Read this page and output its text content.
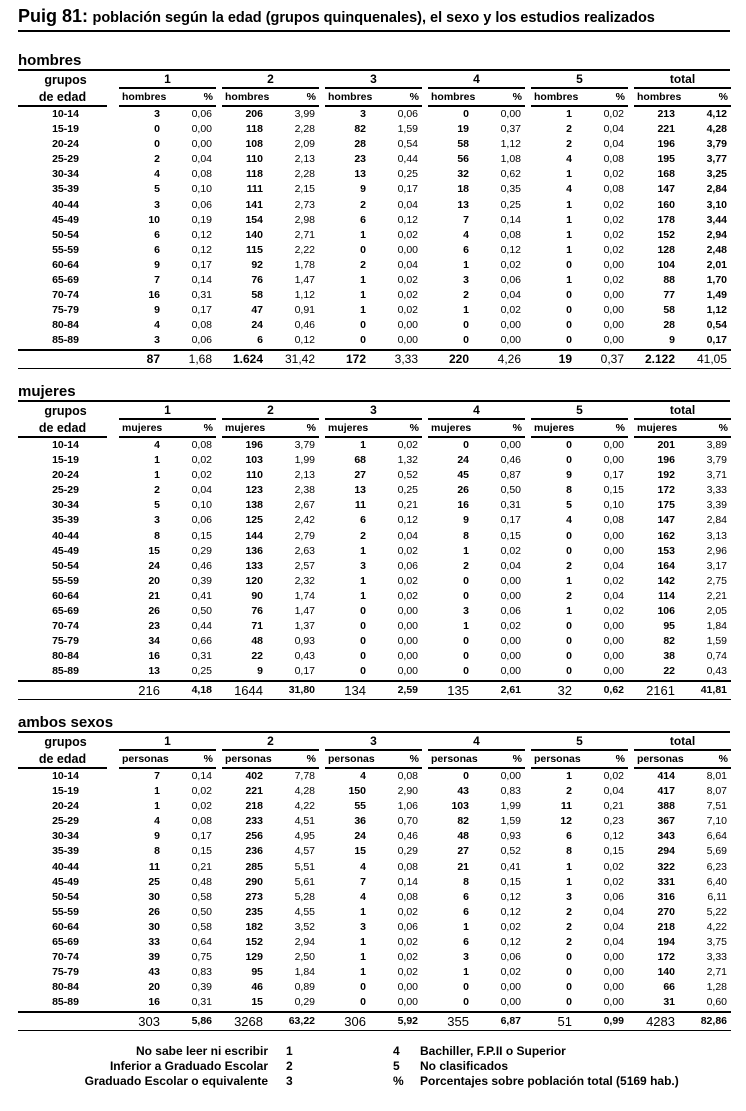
Puig 81: población según la edad (grupos quinquenales), el sexo y los estudios realizados
hombres
grupos	1		2		3		4		5		total	

de edad	hombres %		hombres %		hombres %		hombres %		hombres %		hombres %	

10-14	3	0,06	206	3,99	3	0,06	0	0,00	1	0,02	213	4,12
15-19	0	0,00	118	2,28	82	1,59	19	0,37	2	0,04	221	4,28
20-24	0	0,00	108	2,09	28	0,54	58	1,12	2	0,04	196	3,79
25-29	2	0,04	110	2,13	23	0,44	56	1,08	4	0,08	195	3,77
30-34	4	0,08	118	2,28	13	0,25	32	0,62	1	0,02	168	3,25
35-39	5	0,10	111	2,15	9	0,17	18	0,35	4	0,08	147	2,84
40-44	3	0,06	141	2,73	2	0,04	13	0,25	1	0,02	160	3,10
45-49	10	0,19	154	2,98	6	0,12	7	0,14	1	0,02	178	3,44
50-54	6	0,12	140	2,71	1	0,02	4	0,08	1	0,02	152	2,94
55-59	6	0,12	115	2,22	0	0,00	6	0,12	1	0,02	128	2,48
60-64	9	0,17	92	1,78	2	0,04	1	0,02	0	0,00	104	2,01
65-69	7	0,14	76	1,47	1	0,02	3	0,06	1	0,02	88	1,70
70-74	16	0,31	58	1,12	1	0,02	2	0,04	0	0,00	77	1,49
75-79	9	0,17	47	0,91	1	0,02	1	0,02	0	0,00	58	1,12
80-84	4	0,08	24	0,46	0	0,00	0	0,00	0	0,00	28	0,54
85-89	3	0,06	6	0,12	0	0,00	0	0,00	0	0,00	9	0,17
	87	1,68	1.624	31,42	172	3,33	220	4,26	19	0,37	2.122	41,05
mujeres
grupos	1		2		3		4		5		total	

de edad	mujeres %		mujeres %		mujeres %		mujeres %		mujeres %		mujeres %	

10-14	4	0,08	196	3,79	1	0,02	0	0,00	0	0,00	201	3,89
15-19	1	0,02	103	1,99	68	1,32	24	0,46	0	0,00	196	3,79
20-24	1	0,02	110	2,13	27	0,52	45	0,87	9	0,17	192	3,71
25-29	2	0,04	123	2,38	13	0,25	26	0,50	8	0,15	172	3,33
30-34	5	0,10	138	2,67	11	0,21	16	0,31	5	0,10	175	3,39
35-39	3	0,06	125	2,42	6	0,12	9	0,17	4	0,08	147	2,84
40-44	8	0,15	144	2,79	2	0,04	8	0,15	0	0,00	162	3,13
45-49	15	0,29	136	2,63	1	0,02	1	0,02	0	0,00	153	2,96
50-54	24	0,46	133	2,57	3	0,06	2	0,04	2	0,04	164	3,17
55-59	20	0,39	120	2,32	1	0,02	0	0,00	1	0,02	142	2,75
60-64	21	0,41	90	1,74	1	0,02	0	0,00	2	0,04	114	2,21
65-69	26	0,50	76	1,47	0	0,00	3	0,06	1	0,02	106	2,05
70-74	23	0,44	71	1,37	0	0,00	1	0,02	0	0,00	95	1,84
75-79	34	0,66	48	0,93	0	0,00	0	0,00	0	0,00	82	1,59
80-84	16	0,31	22	0,43	0	0,00	0	0,00	0	0,00	38	0,74
85-89	13	0,25	9	0,17	0	0,00	0	0,00	0	0,00	22	0,43
	216	4,18	1644	31,80	134	2,59	135	2,61	32	0,62	2161	41,81
ambos sexos
grupos	1		2		3		4		5		total	

de edad	personas %		personas %		personas %		personas %		personas %		personas %	

10-14	7	0,14	402	7,78	4	0,08	0	0,00	1	0,02	414	8,01
15-19	1	0,02	221	4,28	150	2,90	43	0,83	2	0,04	417	8,07
20-24	1	0,02	218	4,22	55	1,06	103	1,99	11	0,21	388	7,51
25-29	4	0,08	233	4,51	36	0,70	82	1,59	12	0,23	367	7,10
30-34	9	0,17	256	4,95	24	0,46	48	0,93	6	0,12	343	6,64
35-39	8	0,15	236	4,57	15	0,29	27	0,52	8	0,15	294	5,69
40-44	11	0,21	285	5,51	4	0,08	21	0,41	1	0,02	322	6,23
45-49	25	0,48	290	5,61	7	0,14	8	0,15	1	0,02	331	6,40
50-54	30	0,58	273	5,28	4	0,08	6	0,12	3	0,06	316	6,11
55-59	26	0,50	235	4,55	1	0,02	6	0,12	2	0,04	270	5,22
60-64	30	0,58	182	3,52	3	0,06	1	0,02	2	0,04	218	4,22
65-69	33	0,64	152	2,94	1	0,02	6	0,12	2	0,04	194	3,75
70-74	39	0,75	129	2,50	1	0,02	3	0,06	0	0,00	172	3,33
75-79	43	0,83	95	1,84	1	0,02	1	0,02	0	0,00	140	2,71
80-84	20	0,39	46	0,89	0	0,00	0	0,00	0	0,00	66	1,28
85-89	16	0,31	15	0,29	0	0,00	0	0,00	0	0,00	31	0,60
	303	5,86	3268	63,22	306	5,92	355	6,87	51	0,99	4283	82,86
No sabe leer ni escribir 1
Inferior a Graduado Escolar 2
Graduado Escolar o equivalente 3
4 Bachiller, F.P.II o Superior
5 No clasificados
% Porcentajes sobre población total (5169 hab.)
